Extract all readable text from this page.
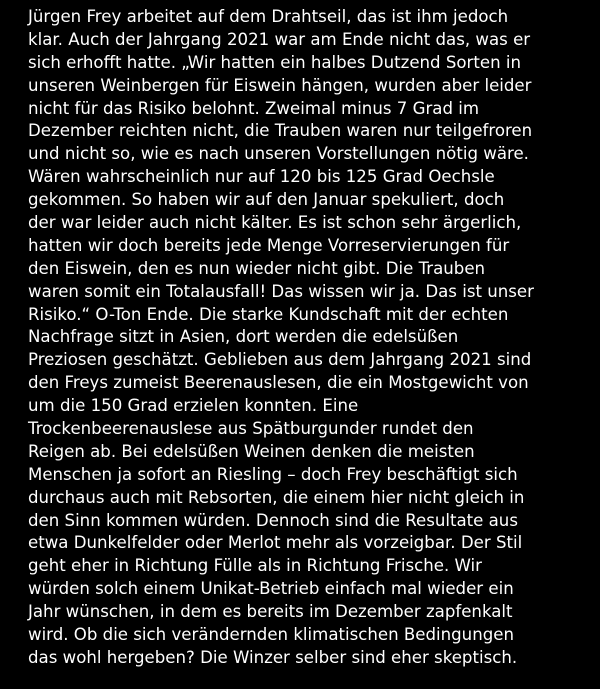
Jürgen Frey arbeitet auf dem Drahtseil, das ist ihm jedoch
klar. Auch der Jahrgang 2021 war am Ende nicht das, was er
sich erhofft hatte. „Wir hatten ein halbes Dutzend Sorten in
unseren Weinbergen für Eiswein hängen, wurden aber leider
nicht für das Risiko belohnt. Zweimal minus 7 Grad im
Dezember reichten nicht, die Trauben waren nur teilgefroren
und nicht so, wie es nach unseren Vorstellungen nötig wäre.
Wären wahrscheinlich nur auf 120 bis 125 Grad Oechsle
gekommen. So haben wir auf den Januar spekuliert, doch
der war leider auch nicht kälter. Es ist schon sehr ärgerlich,
hatten wir doch bereits jede Menge Vorreservierungen für
den Eiswein, den es nun wieder nicht gibt. Die Trauben
waren somit ein Totalausfall! Das wissen wir ja. Das ist unser
Risiko.“ O-Ton Ende. Die starke Kundschaft mit der echten
Nachfrage sitzt in Asien, dort werden die edelsüßen
Preziosen geschätzt. Geblieben aus dem Jahrgang 2021 sind
den Freys zumeist Beerenauslesen, die ein Mostgewicht von
um die 150 Grad erzielen konnten. Eine
Trockenbeerenauslese aus Spätburgunder rundet den
Reigen ab. Bei edelsüßen Weinen denken die meisten
Menschen ja sofort an Riesling – doch Frey beschäftigt sich
durchaus auch mit Rebsorten, die einem hier nicht gleich in
den Sinn kommen würden. Dennoch sind die Resultate aus
etwa Dunkelfelder oder Merlot mehr als vorzeigbar. Der Stil
geht eher in Richtung Fülle als in Richtung Frische. Wir
würden solch einem Unikat-Betrieb einfach mal wieder ein
Jahr wünschen, in dem es bereits im Dezember zapfenkalt
wird. Ob die sich verändernden klimatischen Bedingungen
das wohl hergeben? Die Winzer selber sind eher skeptisch.
